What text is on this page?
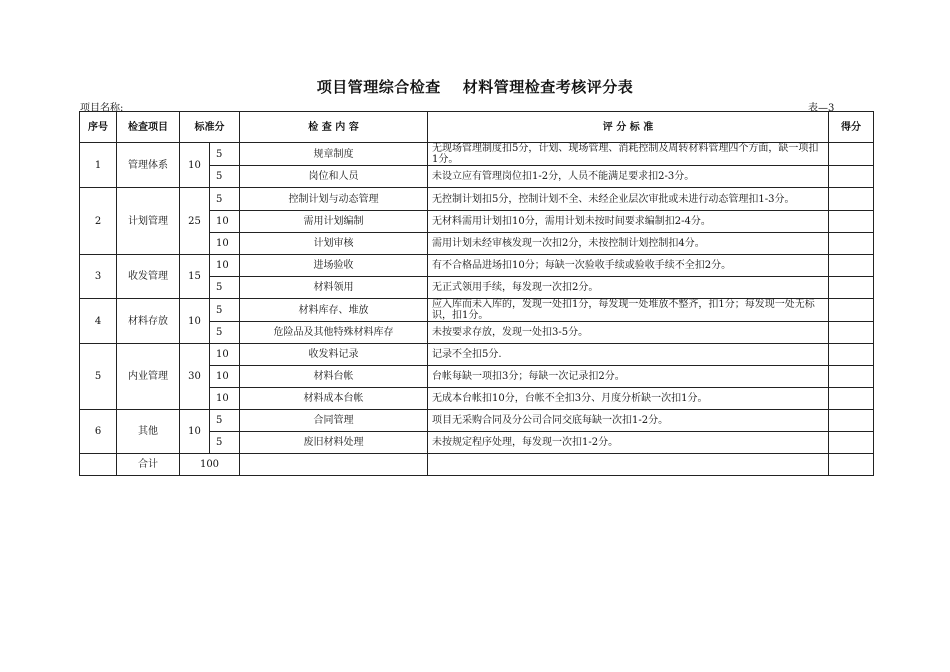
项目管理综合检查 材料管理检查考核评分表
项目名称:	表—3
序号	检查项目	标准分		检 查 内 容	评 分 标 准	得分
1	管理体系	10	5	规章制度	无现场管理制度扣5分，计划、现场管理、消耗控制及周转材料管理四个方面，缺一项扣1分。	
			5	岗位和人员	未设立应有管理岗位扣1-2分，人员不能满足要求扣2-3分。	
2	计划管理	25	5	控制计划与动态管理	无控制计划扣5分，控制计划不全、未经企业层次审批或未进行动态管理扣1-3分。	
			10	需用计划编制	无材料需用计划扣10分，需用计划未按时间要求编制扣2-4分。	
			10	计划审核	需用计划未经审核发现一次扣2分，未按控制计划控制扣4分。	
3	收发管理	15	10	进场验收	有不合格品进场扣10分；每缺一次验收手续或验收手续不全扣2分。	
			5	材料领用	无正式领用手续，每发现一次扣2分。	
4	材料存放	10	5	材料库存、堆放	应入库而未入库的，发现一处扣1分，每发现一处堆放不整齐，扣1分；每发现一处无标识，扣1分。	
			5	危险品及其他特殊材料库存	未按要求存放，发现一处扣3-5分。	
5	内业管理	30	10	收发料记录	记录不全扣5分.	
			10	材料台帐	台帐每缺一项扣3分；每缺一次记录扣2分。	
			10	材料成本台帐	无成本台帐扣10分，台帐不全扣3分、月度分析缺一次扣1分。	
6	其他	10	5	合同管理	项目无采购合同及分公司合同交底每缺一次扣1-2分。	
			5	废旧材料处理	未按规定程序处理，每发现一次扣1-2分。	
	合计	100				
